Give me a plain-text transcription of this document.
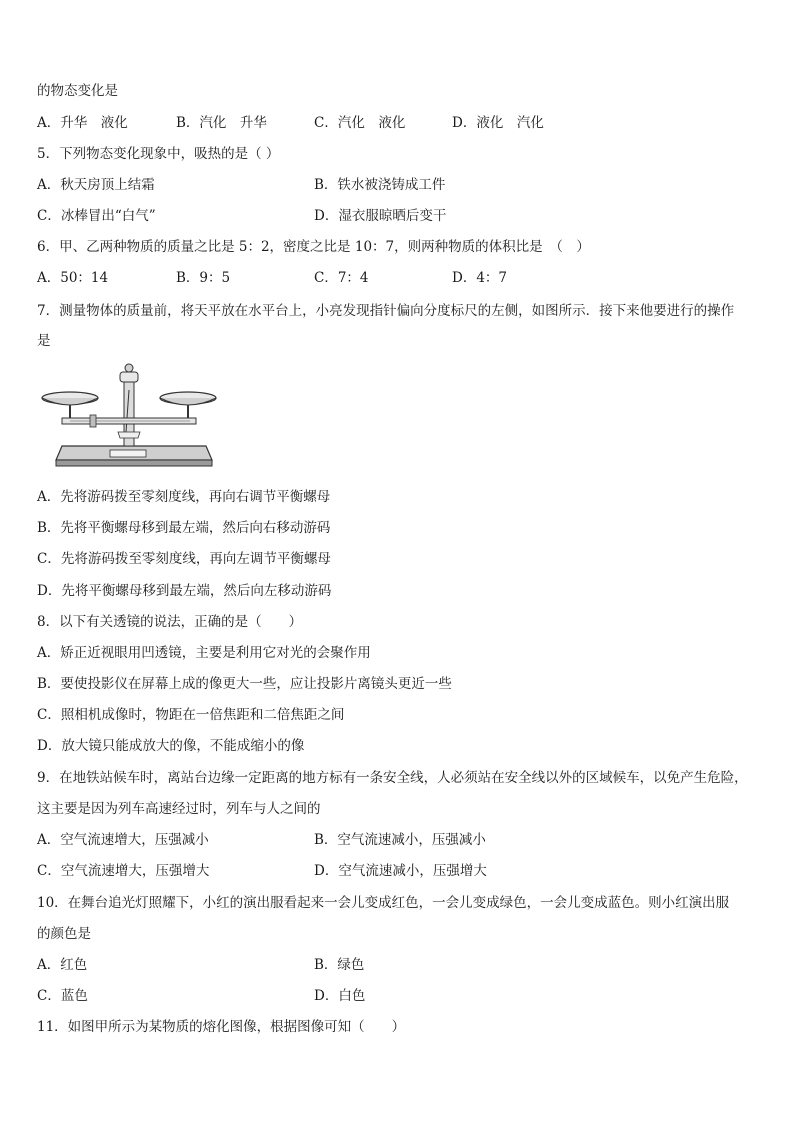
的物态变化是
A．升华　液化	B．汽化　升华	C．汽化　液化	D．液化　汽化
5．下列物态变化现象中，吸热的是（ ）
A．秋天房顶上结霜	B．铁水被浇铸成工件
C．冰棒冒出“白气”	D．湿衣服晾晒后变干
6．甲、乙两种物质的质量之比是 5：2，密度之比是 10：7，则两种物质的体积比是　（　）
A．50：14	B．9：5	C．7：4	D．4：7
7．测量物体的质量前，将天平放在水平台上，小亮发现指针偏向分度标尺的左侧，如图所示．接下来他要进行的操作
是
A．先将游码拨至零刻度线，再向右调节平衡螺母
B．先将平衡螺母移到最左端，然后向右移动游码
C．先将游码拨至零刻度线，再向左调节平衡螺母
D．先将平衡螺母移到最左端，然后向左移动游码
8．以下有关透镜的说法，正确的是（　　）
A．矫正近视眼用凹透镜，主要是利用它对光的会聚作用
B．要使投影仪在屏幕上成的像更大一些，应让投影片离镜头更近一些
C．照相机成像时，物距在一倍焦距和二倍焦距之间
D．放大镜只能成放大的像，不能成缩小的像
9．在地铁站候车时，离站台边缘一定距离的地方标有一条安全线，人必须站在安全线以外的区域候车，以免产生危险，
这主要是因为列车高速经过时，列车与人之间的
A．空气流速增大，压强减小	B．空气流速减小，压强减小
C．空气流速增大，压强增大	D．空气流速减小，压强增大
10．在舞台追光灯照耀下，小红的演出服看起来一会儿变成红色，一会儿变成绿色，一会儿变成蓝色。则小红演出服
的颜色是
A．红色	B．绿色
C．蓝色	D．白色
11．如图甲所示为某物质的熔化图像，根据图像可知（　　）
